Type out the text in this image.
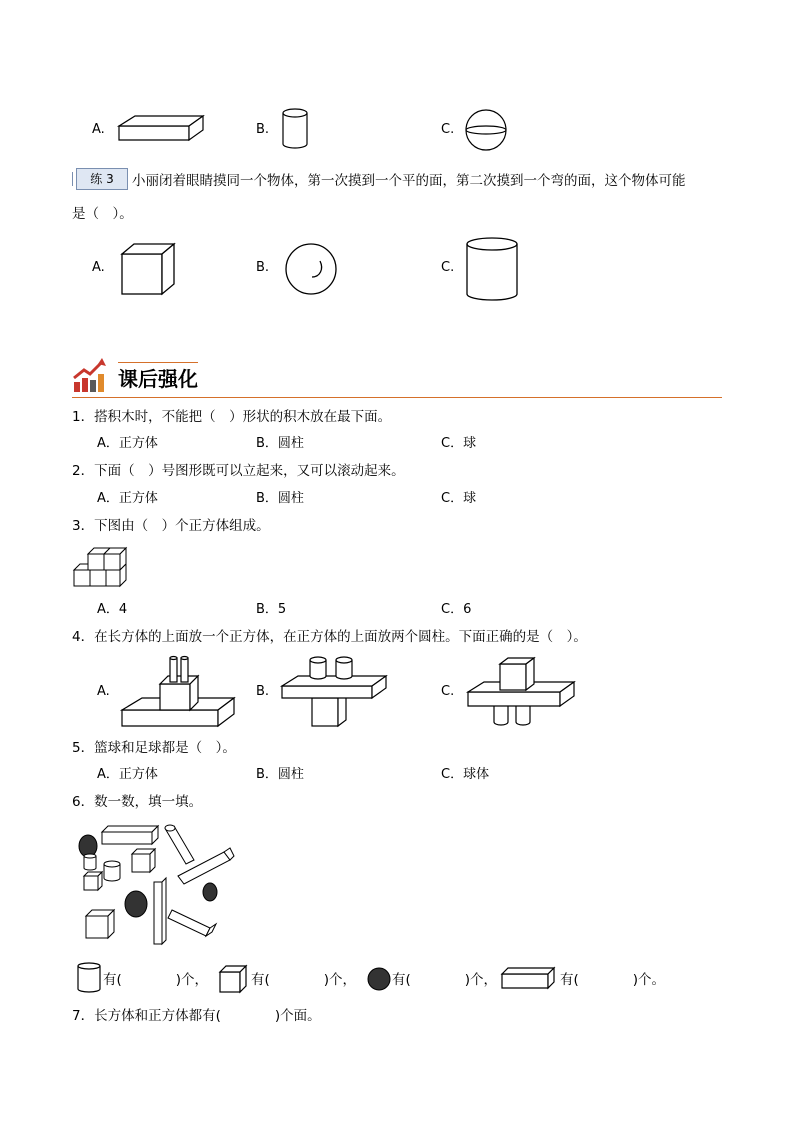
A.	B.	C.
练 3	小丽闭着眼睛摸同一个物体，第一次摸到一个平的面，第二次摸到一个弯的面，这个物体可能
是（　）。
A.	B.	C.
课后强化
1．搭积木时，不能把（　）形状的积木放在最下面。
A．正方体	B．圆柱	C．球
2．下面（　）号图形既可以立起来，又可以滚动起来。
A．正方体	B．圆柱	C．球
3．下图由（　）个正方体组成。
A．4	B．5	C．6
4．在长方体的上面放一个正方体，在正方体的上面放两个圆柱。下面正确的是（　）。
A.	B.	C.
5．篮球和足球都是（　）。
A．正方体	B．圆柱	C．球体
6．数一数，填一填。
有(　　　　)个，	有(　　　　)个，	有(　　　　)个，	有(　　　　)个。
7．长方体和正方体都有(　　　　)个面。
